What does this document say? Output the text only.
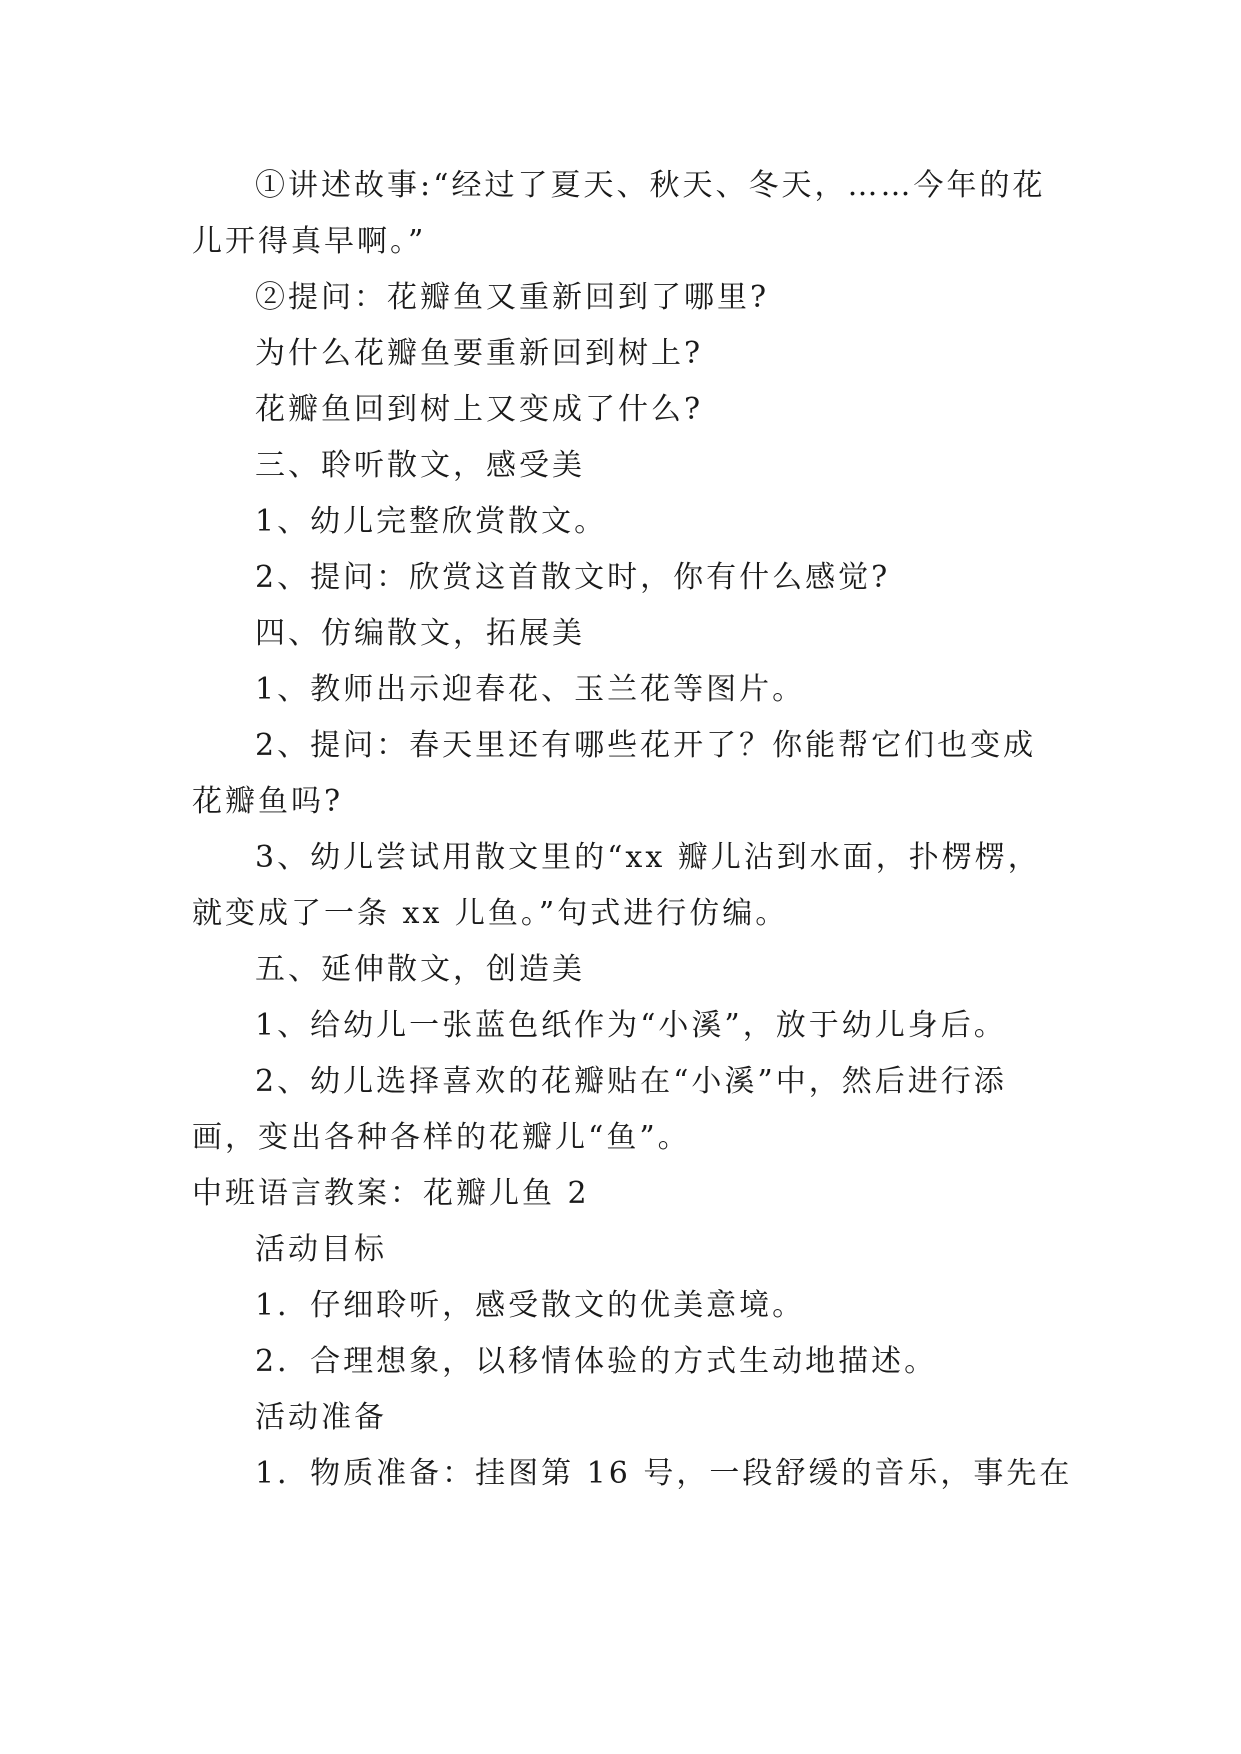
①讲述故事:“经过了夏天、秋天、冬天，……今年的花
儿开得真早啊。”
②提问：花瓣鱼又重新回到了哪里?
为什么花瓣鱼要重新回到树上?
花瓣鱼回到树上又变成了什么?
三、聆听散文，感受美
1、幼儿完整欣赏散文。
2、提问：欣赏这首散文时，你有什么感觉?
四、仿编散文，拓展美
1、教师出示迎春花、玉兰花等图片。
2、提问：春天里还有哪些花开了？你能帮它们也变成
花瓣鱼吗?
3、幼儿尝试用散文里的“xx 瓣儿沾到水面，扑楞楞，
就变成了一条 xx 儿鱼。”句式进行仿编。
五、延伸散文，创造美
1、给幼儿一张蓝色纸作为“小溪”，放于幼儿身后。
2、幼儿选择喜欢的花瓣贴在“小溪”中，然后进行添
画，变出各种各样的花瓣儿“鱼”。
中班语言教案：花瓣儿鱼 2
活动目标
1．仔细聆听，感受散文的优美意境。
2．合理想象，以移情体验的方式生动地描述。
活动准备
1．物质准备：挂图第 16 号，一段舒缓的音乐，事先在
